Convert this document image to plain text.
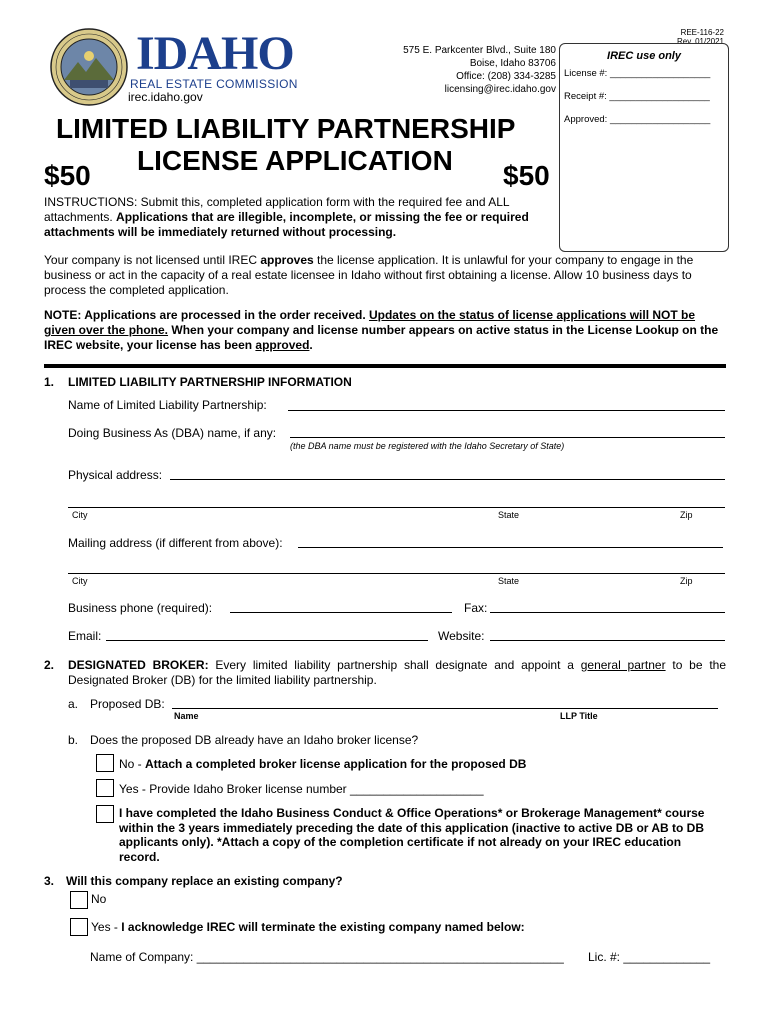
IDAHO
REAL ESTATE COMMISSION
irec.idaho.gov
575 E. Parkcenter Blvd., Suite 180
Boise, Idaho 83706
Office: (208) 334-3285
licensing@irec.idaho.gov
REE-116-22
Rev. 01/2021
IREC use only
License #: ___________________
Receipt #: ___________________
Approved: ___________________
LIMITED LIABILITY PARTNERSHIP
LICENSE APPLICATION
$50	$50
INSTRUCTIONS: Submit this, completed application form with the required fee and ALL attachments. Applications that are illegible, incomplete, or missing the fee or required attachments will be immediately returned without processing.
Your company is not licensed until IREC approves the license application. It is unlawful for your company to engage in the business or act in the capacity of a real estate licensee in Idaho without first obtaining a license. Allow 10 business days to process the completed application.
NOTE: Applications are processed in the order received. Updates on the status of license applications will NOT be given over the phone. When your company and license number appears on active status in the License Lookup on the IREC website, your license has been approved.
1. LIMITED LIABILITY PARTNERSHIP INFORMATION
Name of Limited Liability Partnership:
Doing Business As (DBA) name, if any:
(the DBA name must be registered with the Idaho Secretary of State)
Physical address:
City	State	Zip
Mailing address (if different from above):
City	State	Zip
Business phone (required):	Fax:
Email:	Website:
2. DESIGNATED BROKER: Every limited liability partnership shall designate and appoint a general partner to be the Designated Broker (DB) for the limited liability partnership.
a. Proposed DB:
Name	LLP Title
b. Does the proposed DB already have an Idaho broker license?
No - Attach a completed broker license application for the proposed DB
Yes - Provide Idaho Broker license number ____________________
I have completed the Idaho Business Conduct & Office Operations* or Brokerage Management* course within the 3 years immediately preceding the date of this application (inactive to active DB or AB to DB applicants only). *Attach a copy of the completion certificate if not already on your IREC education record.
3. Will this company replace an existing company?
No
Yes - I acknowledge IREC will terminate the existing company named below:
Name of Company: _______________________________________________________ Lic. #: _____________
